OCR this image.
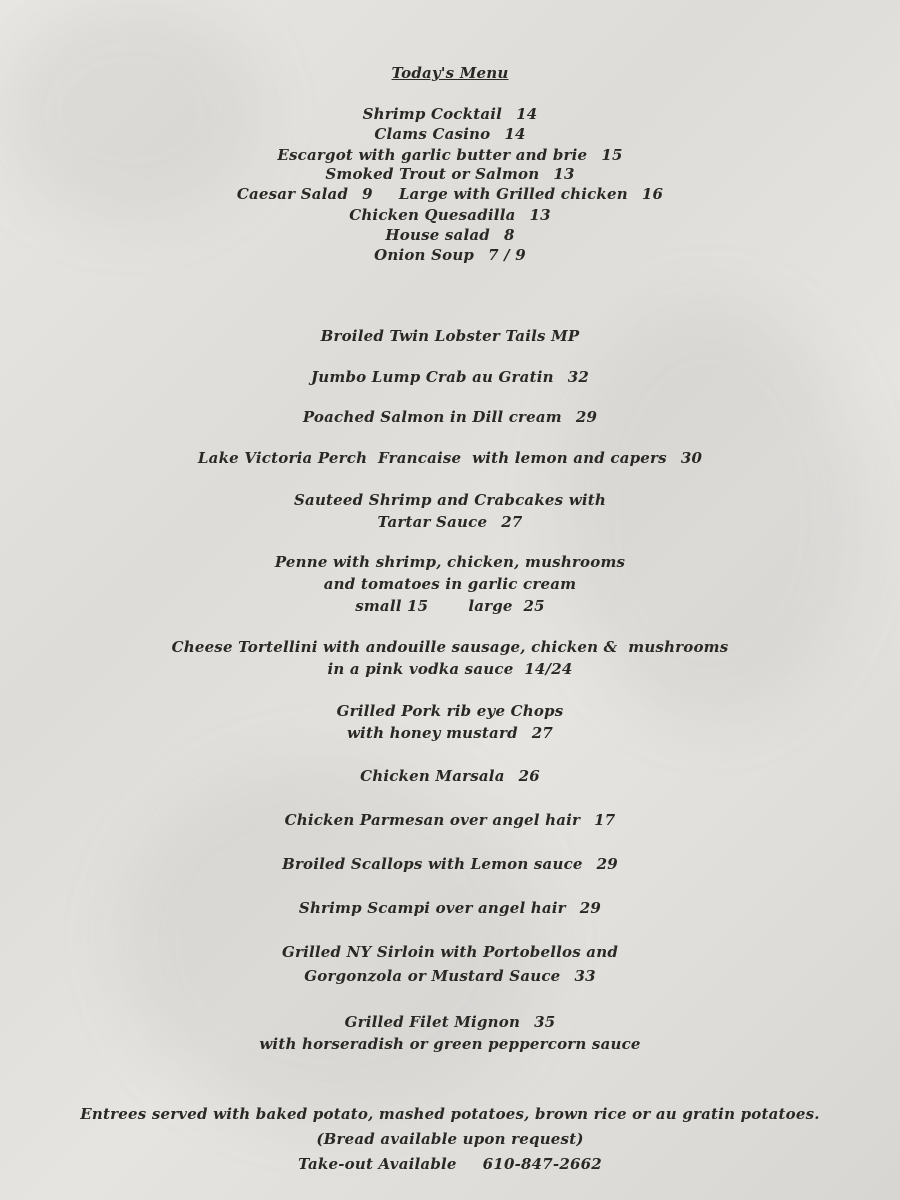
Today's Menu
Shrimp Cocktail 14
Clams Casino 14
Escargot with garlic butter and brie 15
Smoked Trout or Salmon 13
Caesar Salad 9 Large with Grilled chicken 16
Chicken Quesadilla 13
House salad 8
Onion Soup 7 / 9
Broiled Twin Lobster Tails MP
Jumbo Lump Crab au Gratin 32
Poached Salmon in Dill cream 29
Lake Victoria Perch  Francaise  with lemon and capers 30
Sauteed Shrimp and Crabcakes with
Tartar Sauce 27
Penne with shrimp, chicken, mushrooms
and tomatoes in garlic cream
small 15	large  25
Cheese Tortellini with andouille sausage, chicken &  mushrooms
in a pink vodka sauce  14/24
Grilled Pork rib eye Chops
with honey mustard 27
Chicken Marsala 26
Chicken Parmesan over angel hair 17
Broiled Scallops with Lemon sauce 29
Shrimp Scampi over angel hair 29
Grilled NY Sirloin with Portobellos and
Gorgonzola or Mustard Sauce 33
Grilled Filet Mignon 35
with horseradish or green peppercorn sauce
Entrees served with baked potato, mashed potatoes, brown rice or au gratin potatoes.
(Bread available upon request)
Take-out Available 610-847-2662
